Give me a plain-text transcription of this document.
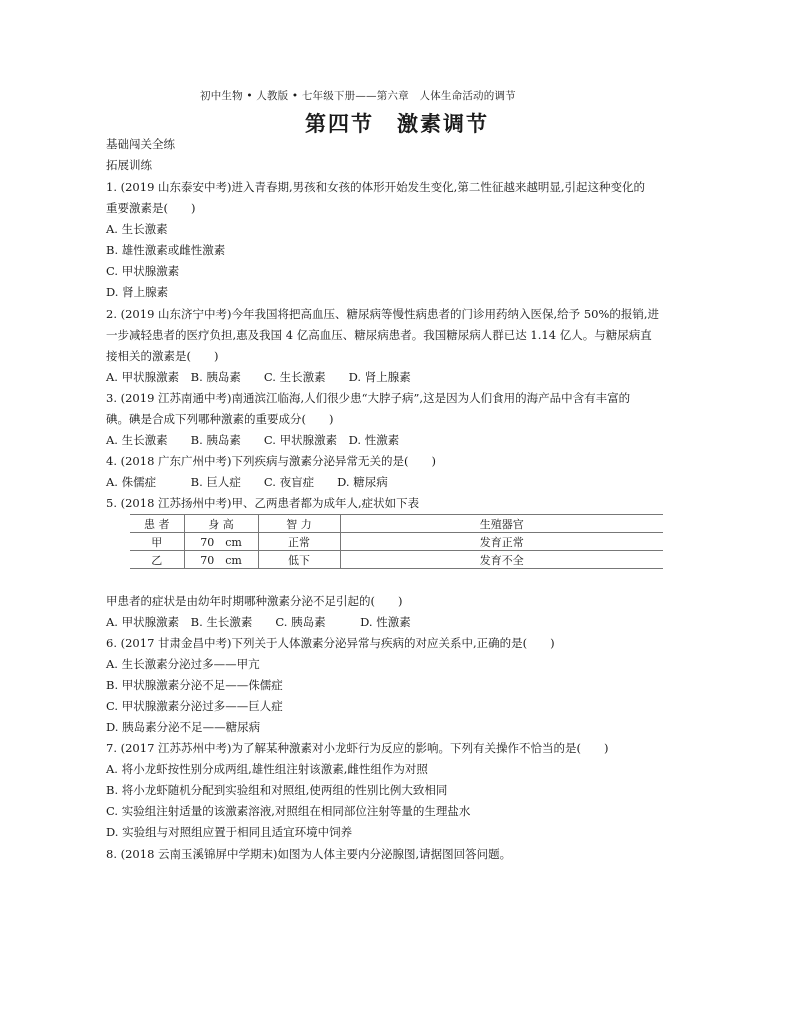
初中生物 • 人教版 • 七年级下册——第六章　人体生命活动的调节
第四节　激素调节
基础闯关全练
拓展训练
1. (2019 山东泰安中考)进入青春期,男孩和女孩的体形开始发生变化,第二性征越来越明显,引起这种变化的
重要激素是(　　)
A. 生长激素
B. 雄性激素或雌性激素
C. 甲状腺激素
D. 肾上腺素
2. (2019 山东济宁中考)今年我国将把高血压、糖尿病等慢性病患者的门诊用药纳入医保,给予 50%的报销,进
一步减轻患者的医疗负担,惠及我国 4 亿高血压、糖尿病患者。我国糖尿病人群已达 1.14 亿人。与糖尿病直
接相关的激素是(　　)
A. 甲状腺激素　B. 胰岛素　　C. 生长激素　　D. 肾上腺素
3. (2019 江苏南通中考)南通滨江临海,人们很少患“大脖子病”,这是因为人们食用的海产品中含有丰富的
碘。碘是合成下列哪种激素的重要成分(　　)
A. 生长激素　　B. 胰岛素　　C. 甲状腺激素　D. 性激素
4. (2018 广东广州中考)下列疾病与激素分泌异常无关的是(　　)
A. 侏儒症　　　B. 巨人症　　C. 夜盲症　　D. 糖尿病
5. (2018 江苏扬州中考)甲、乙两患者都为成年人,症状如下表
患 者	身 高	智 力	生殖器官
甲	70　cm	正常	发育正常
乙	70　cm	低下	发育不全
甲患者的症状是由幼年时期哪种激素分泌不足引起的(　　)
A. 甲状腺激素　B. 生长激素　　C. 胰岛素　　　D. 性激素
6. (2017 甘肃金昌中考)下列关于人体激素分泌异常与疾病的对应关系中,正确的是(　　)
A. 生长激素分泌过多——甲亢
B. 甲状腺激素分泌不足——侏儒症
C. 甲状腺激素分泌过多——巨人症
D. 胰岛素分泌不足——糖尿病
7. (2017 江苏苏州中考)为了解某种激素对小龙虾行为反应的影响。下列有关操作不恰当的是(　　)
A. 将小龙虾按性别分成两组,雄性组注射该激素,雌性组作为对照
B. 将小龙虾随机分配到实验组和对照组,使两组的性别比例大致相同
C. 实验组注射适量的该激素溶液,对照组在相同部位注射等量的生理盐水
D. 实验组与对照组应置于相同且适宜环境中饲养
8. (2018 云南玉溪锦屏中学期末)如图为人体主要内分泌腺图,请据图回答问题。
